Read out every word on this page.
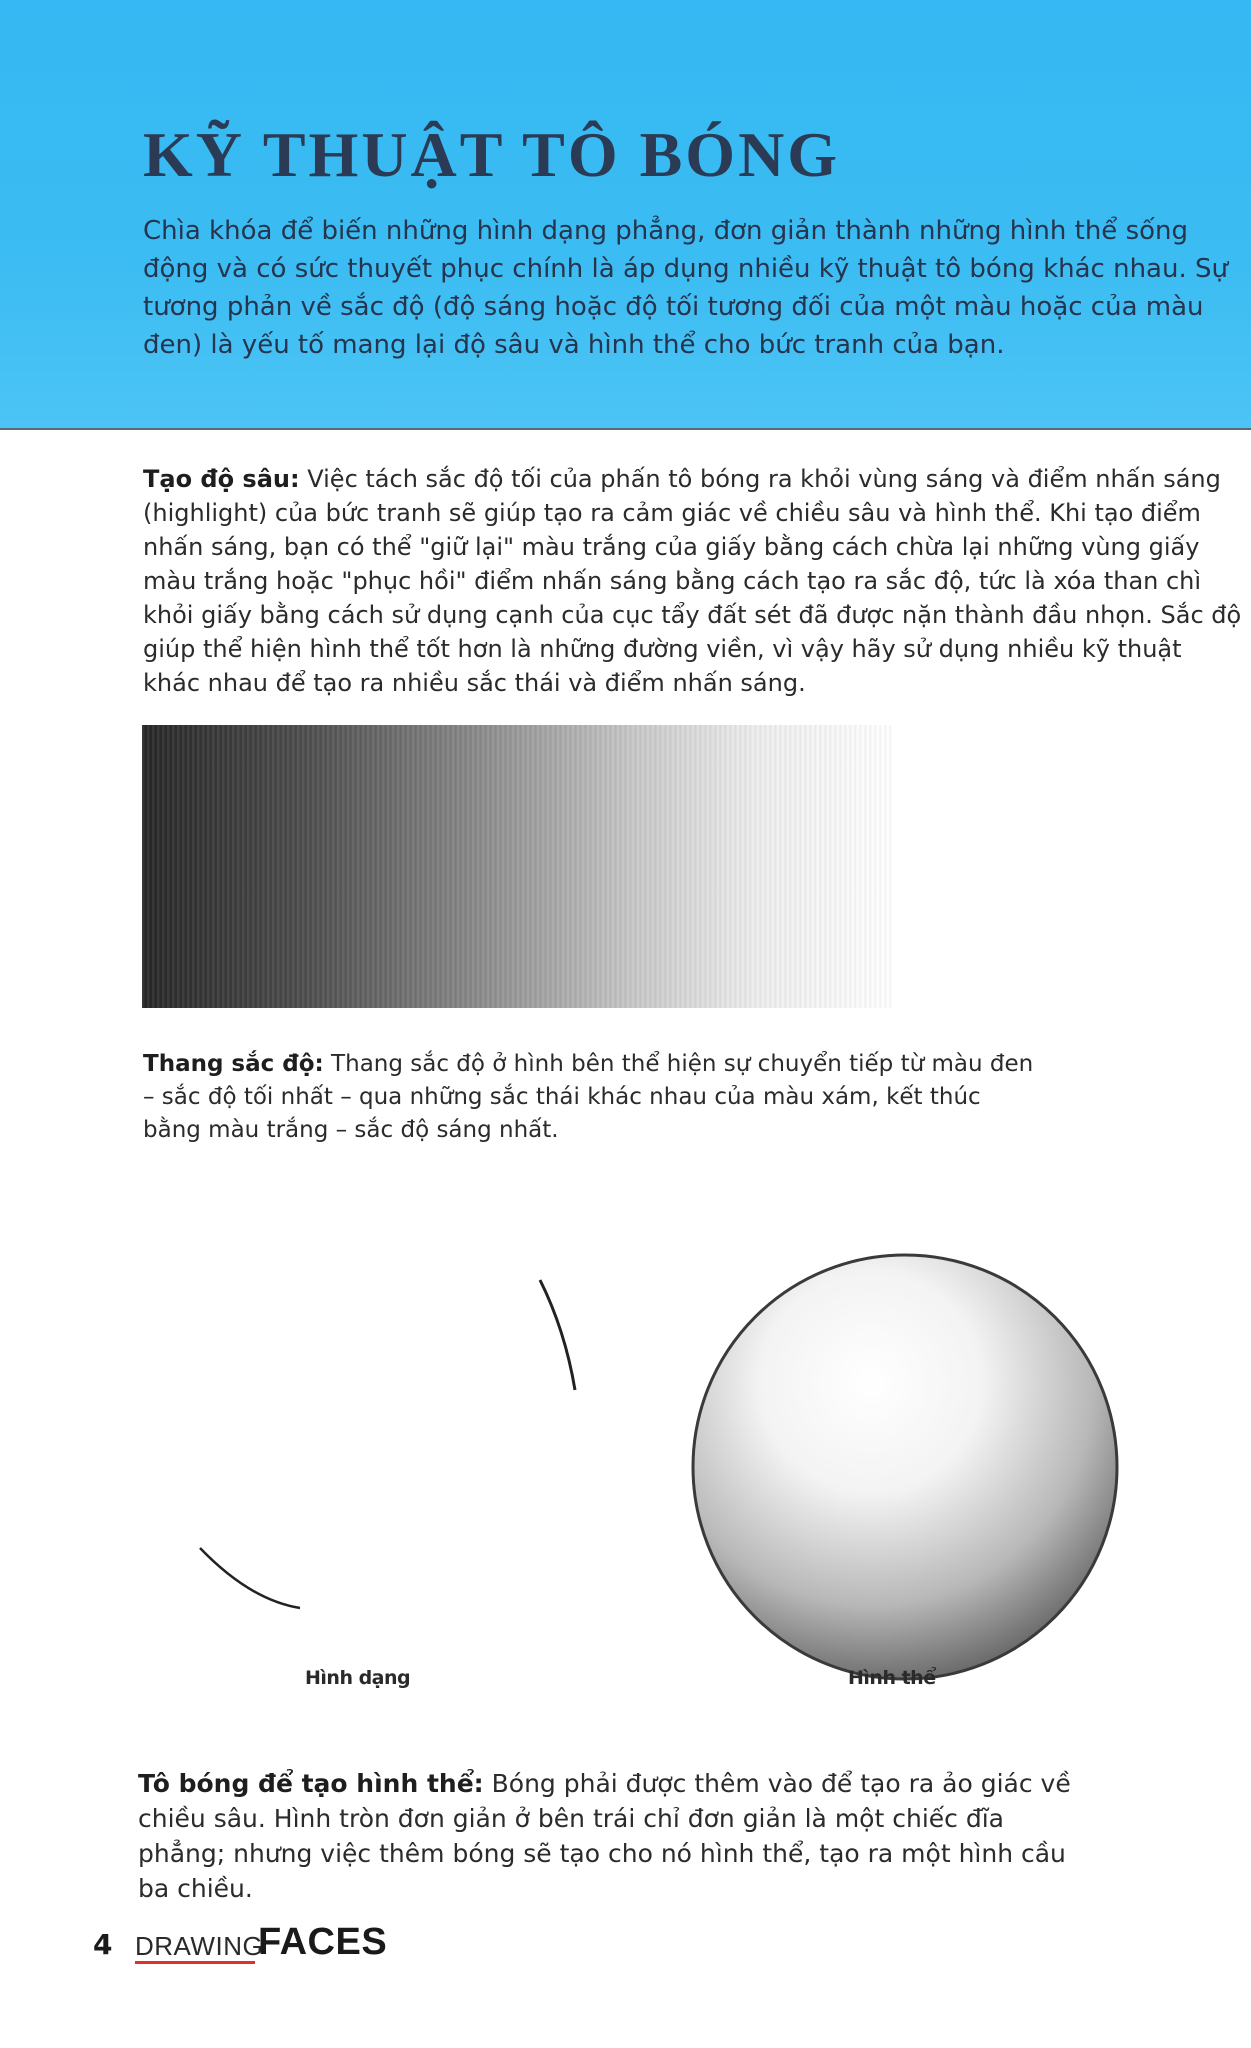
KỸ THUẬT TÔ BÓNG

Chìa khóa để biến những hình dạng phẳng, đơn giản thành những hình thể sống động và có sức thuyết phục chính là áp dụng nhiều kỹ thuật tô bóng khác nhau. Sự tương phản về sắc độ (độ sáng hoặc độ tối tương đối của một màu hoặc của màu đen) là yếu tố mang lại độ sâu và hình thể cho bức tranh của bạn.

Tạo độ sâu: Việc tách sắc độ tối của phấn tô bóng ra khỏi vùng sáng và điểm nhấn sáng (highlight) của bức tranh sẽ giúp tạo ra cảm giác về chiều sâu và hình thể. Khi tạo điểm nhấn sáng, bạn có thể "giữ lại" màu trắng của giấy bằng cách chừa lại những vùng giấy màu trắng hoặc "phục hồi" điểm nhấn sáng bằng cách tạo ra sắc độ, tức là xóa than chì khỏi giấy bằng cách sử dụng cạnh của cục tẩy đất sét đã được nặn thành đầu nhọn. Sắc độ giúp thể hiện hình thể tốt hơn là những đường viền, vì vậy hãy sử dụng nhiều kỹ thuật khác nhau để tạo ra nhiều sắc thái và điểm nhấn sáng.

Thang sắc độ: Thang sắc độ ở hình bên thể hiện sự chuyển tiếp từ màu đen – sắc độ tối nhất – qua những sắc thái khác nhau của màu xám, kết thúc bằng màu trắng – sắc độ sáng nhất.

Hình dạng	Hình thể

Tô bóng để tạo hình thể: Bóng phải được thêm vào để tạo ra ảo giác về chiều sâu. Hình tròn đơn giản ở bên trái chỉ đơn giản là một chiếc đĩa phẳng; nhưng việc thêm bóng sẽ tạo cho nó hình thể, tạo ra một hình cầu ba chiều.

4 DRAWING
FACES
